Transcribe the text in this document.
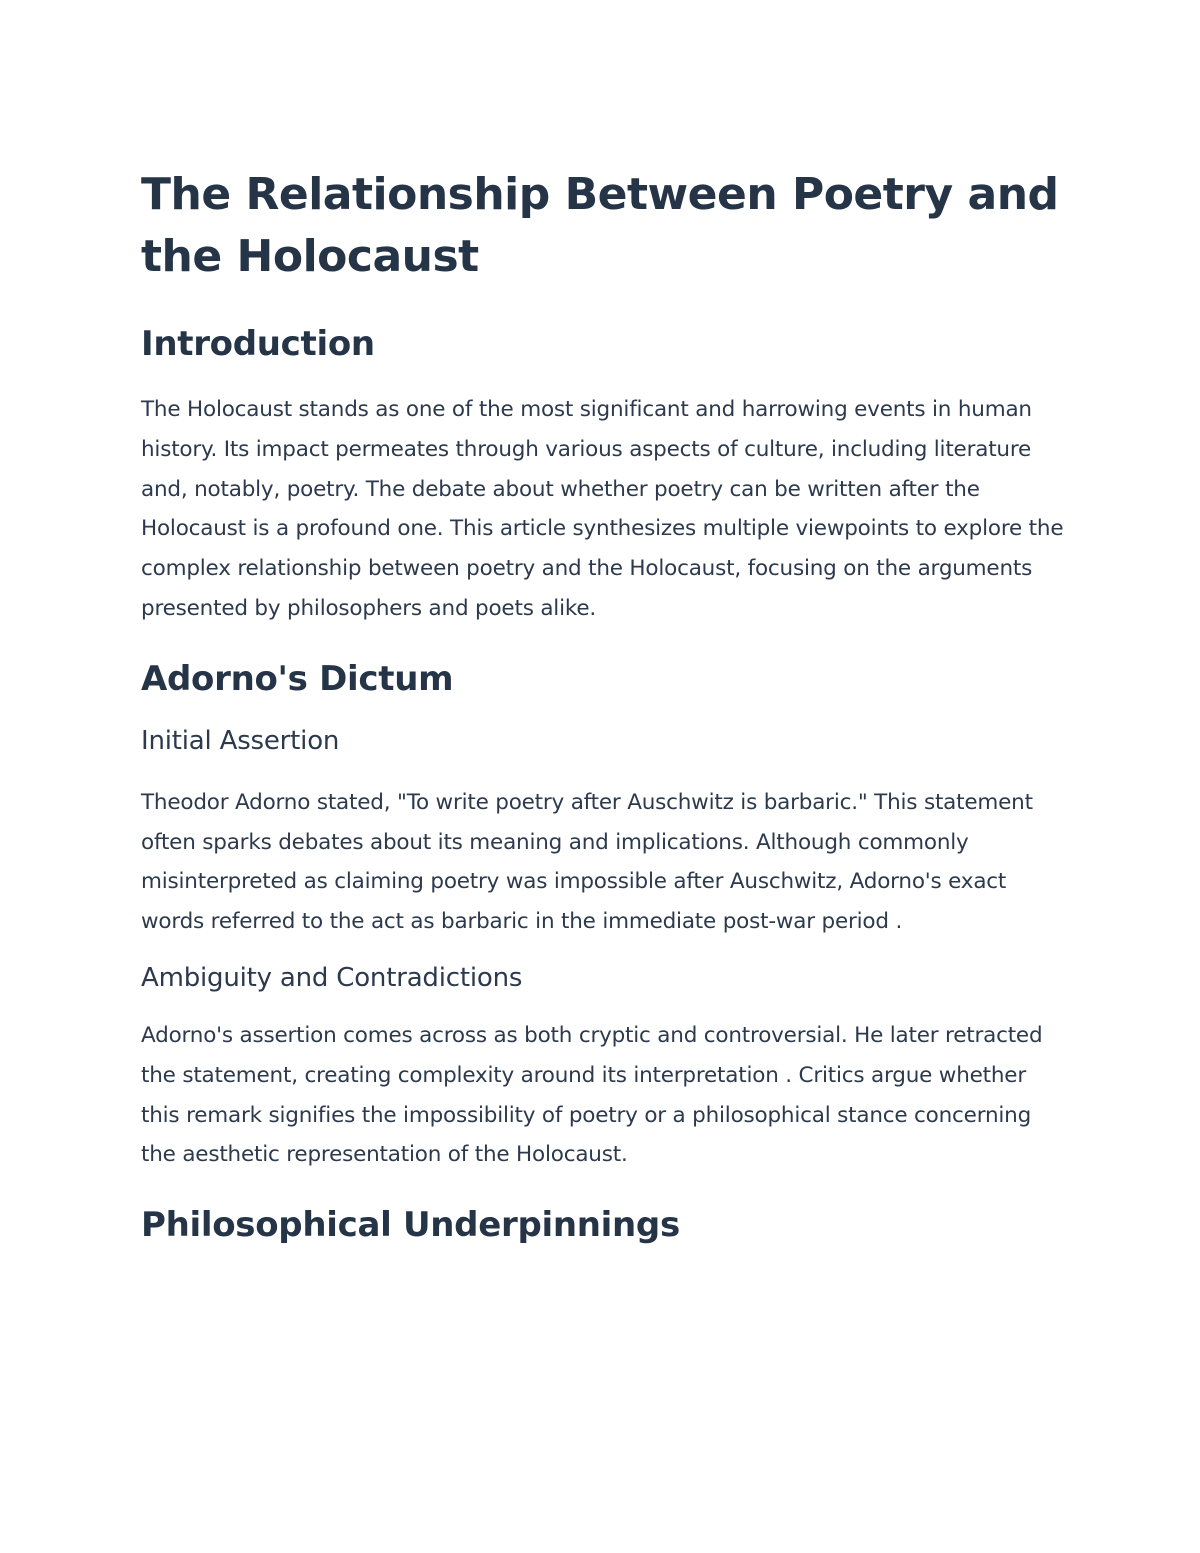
The Relationship Between Poetry and the Holocaust
Introduction

The Holocaust stands as one of the most significant and harrowing events in human history. Its impact permeates through various aspects of culture, including literature and, notably, poetry. The debate about whether poetry can be written after the Holocaust is a profound one. This article synthesizes multiple viewpoints to explore the complex relationship between poetry and the Holocaust, focusing on the arguments presented by philosophers and poets alike.

Adorno's Dictum
Initial Assertion

Theodor Adorno stated, "To write poetry after Auschwitz is barbaric." This statement often sparks debates about its meaning and implications. Although commonly misinterpreted as claiming poetry was impossible after Auschwitz, Adorno's exact words referred to the act as barbaric in the immediate post-war period .

Ambiguity and Contradictions

Adorno's assertion comes across as both cryptic and controversial. He later retracted the statement, creating complexity around its interpretation . Critics argue whether this remark signifies the impossibility of poetry or a philosophical stance concerning the aesthetic representation of the Holocaust.

Philosophical Underpinnings
